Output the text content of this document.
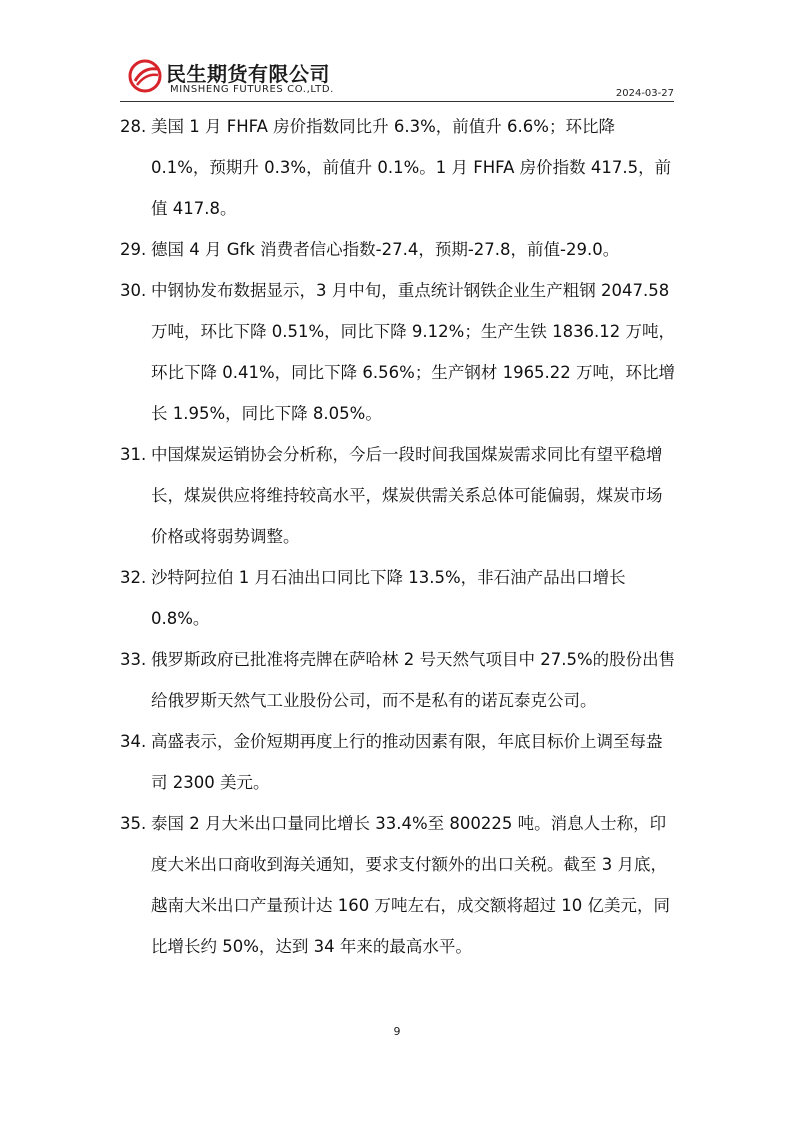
民生期货有限公司
MINSHENG FUTURES CO.,LTD.	2024-03-27
28. 美国 1 月 FHFA 房价指数同比升 6.3%，前值升 6.6%；环比降 0.1%，预期升 0.3%，前值升 0.1%。1 月 FHFA 房价指数 417.5，前值 417.8。
29. 德国 4 月 Gfk 消费者信心指数-27.4，预期-27.8，前值-29.0。
30. 中钢协发布数据显示，3 月中旬，重点统计钢铁企业生产粗钢 2047.58 万吨，环比下降 0.51%，同比下降 9.12%；生产生铁 1836.12 万吨，环比下降 0.41%，同比下降 6.56%；生产钢材 1965.22 万吨，环比增长 1.95%，同比下降 8.05%。
31. 中国煤炭运销协会分析称，今后一段时间我国煤炭需求同比有望平稳增长，煤炭供应将维持较高水平，煤炭供需关系总体可能偏弱，煤炭市场价格或将弱势调整。
32. 沙特阿拉伯 1 月石油出口同比下降 13.5%，非石油产品出口增长 0.8%。
33. 俄罗斯政府已批准将壳牌在萨哈林 2 号天然气项目中 27.5%的股份出售给俄罗斯天然气工业股份公司，而不是私有的诺瓦泰克公司。
34. 高盛表示，金价短期再度上行的推动因素有限，年底目标价上调至每盎司 2300 美元。
35. 泰国 2 月大米出口量同比增长 33.4%至 800225 吨。消息人士称，印度大米出口商收到海关通知，要求支付额外的出口关税。截至 3 月底，越南大米出口产量预计达 160 万吨左右，成交额将超过 10 亿美元，同比增长约 50%，达到 34 年来的最高水平。
9
